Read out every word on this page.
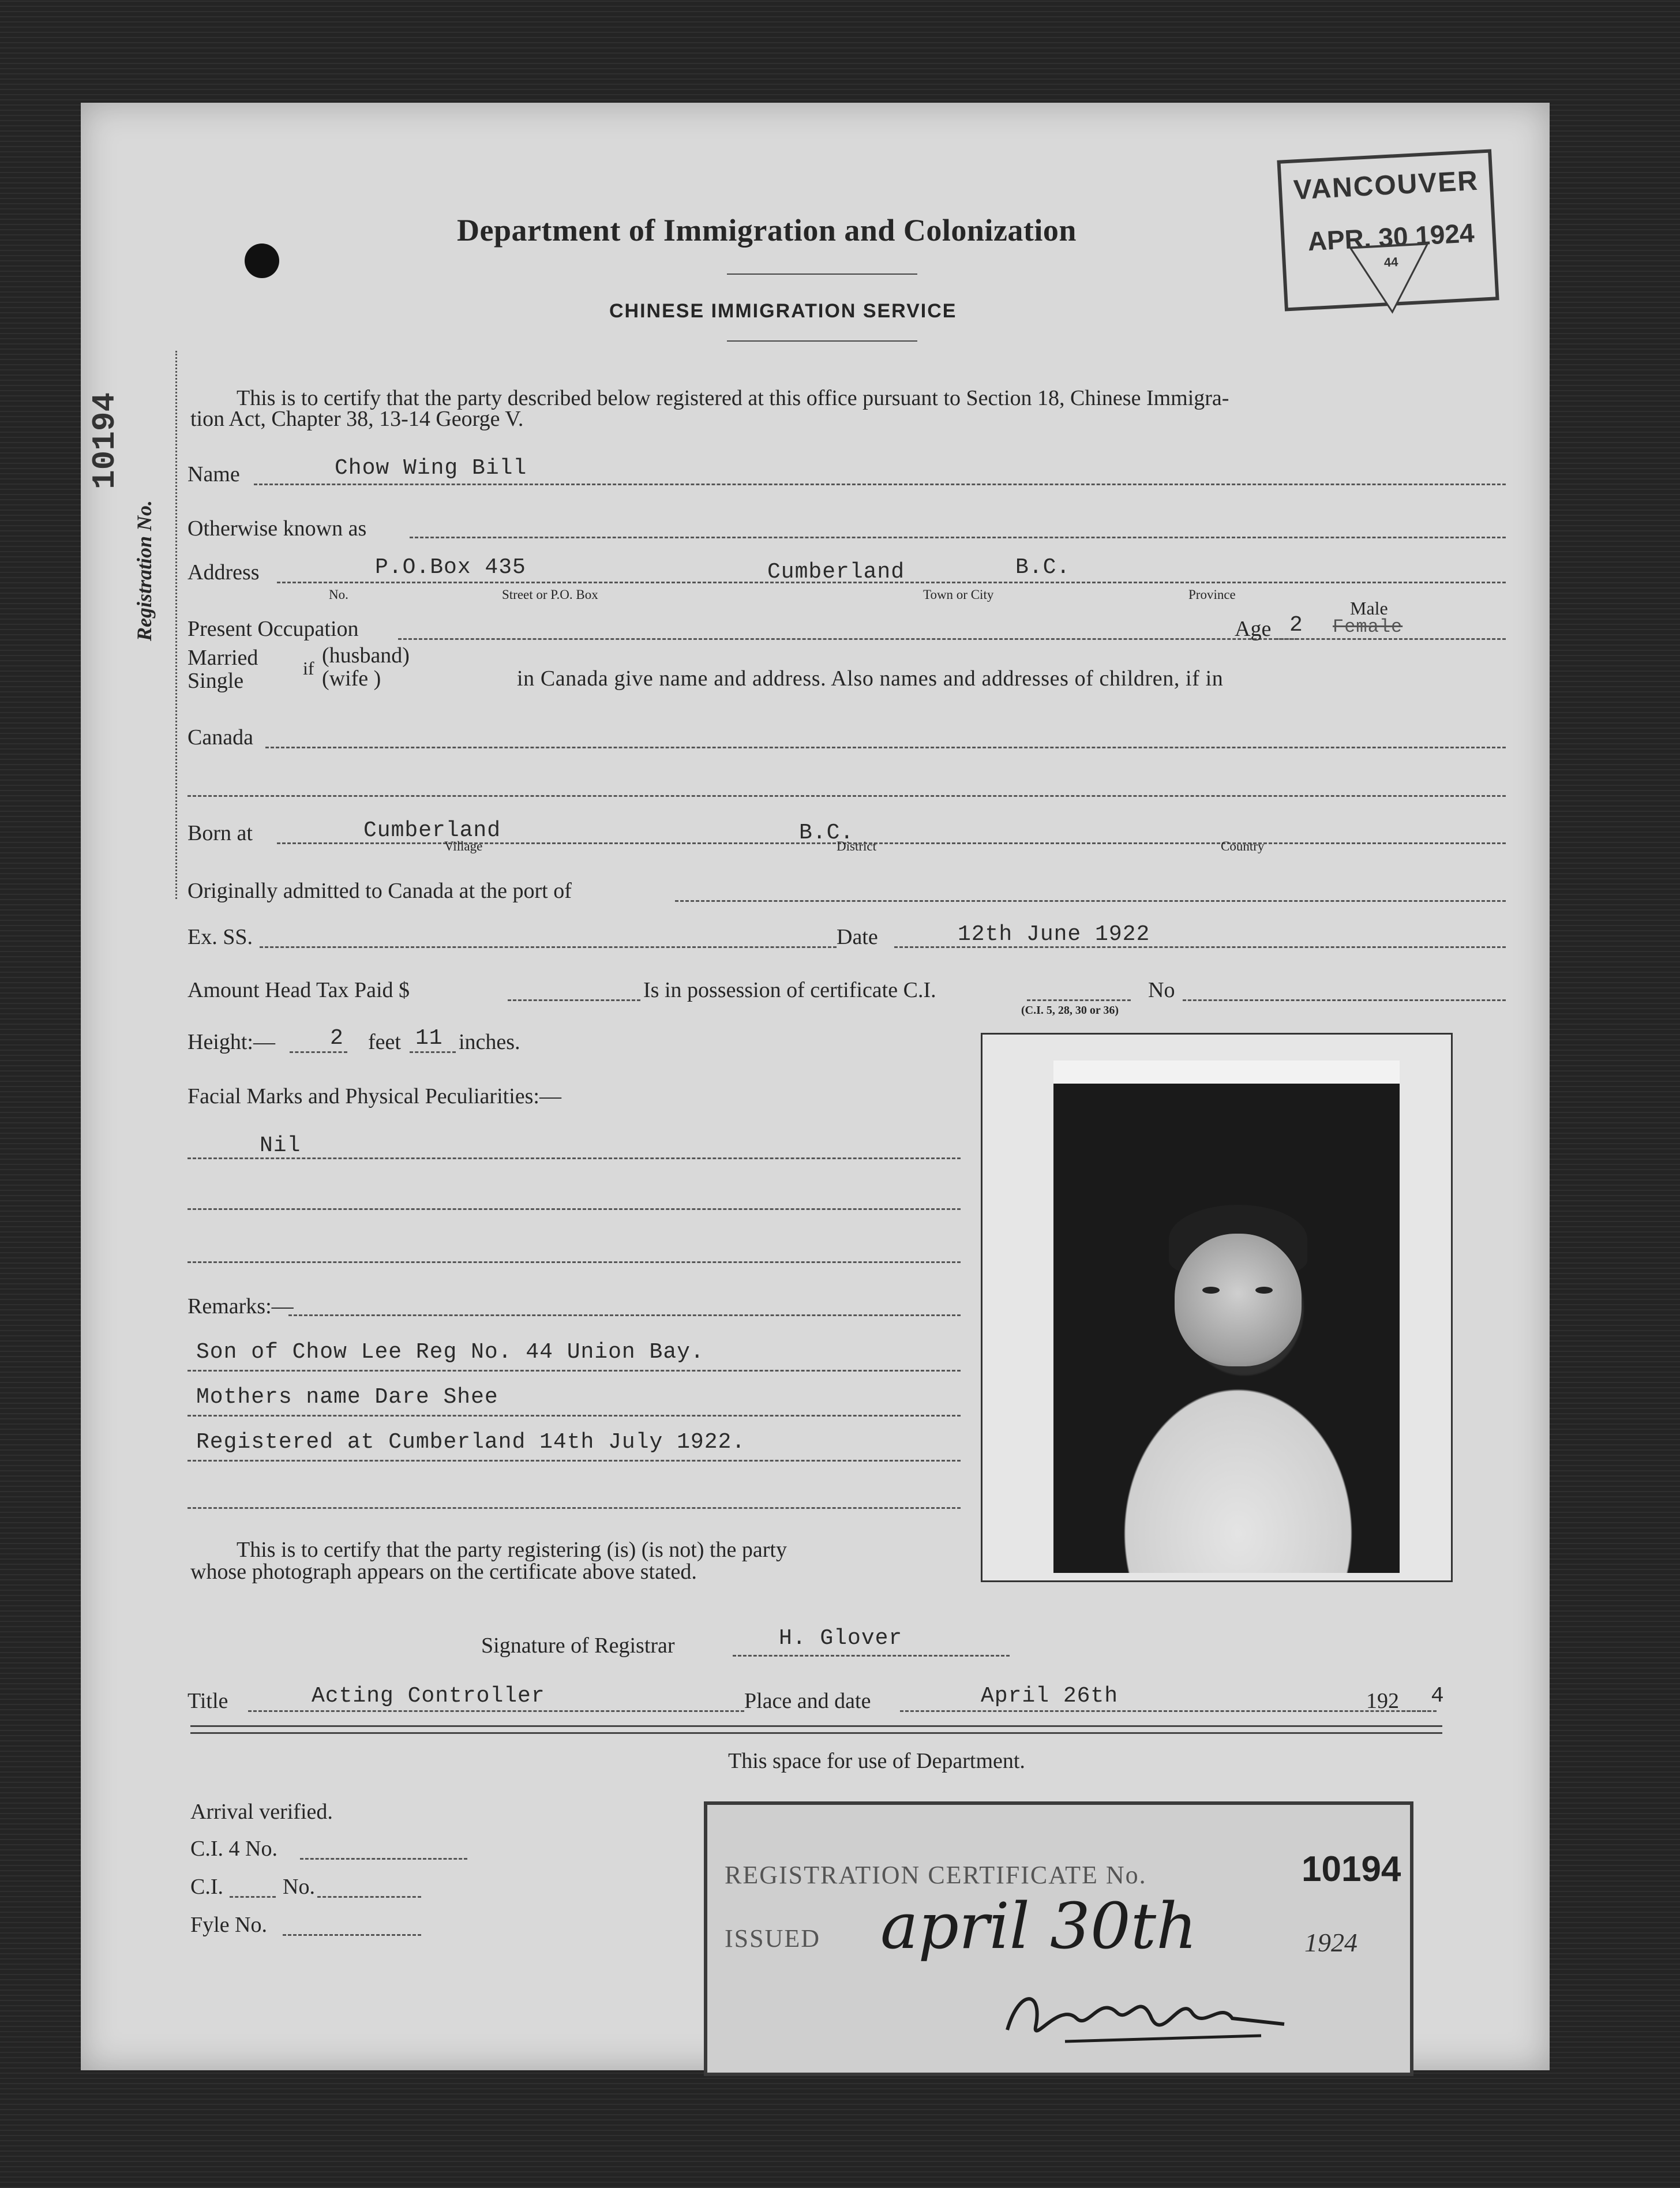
Department of Immigration and Colonization
CHINESE IMMIGRATION SERVICE
VANCOUVER
APR. 30 1924
44
10194
Registration No.
This is to certify that the party described below registered at this office pursuant to Section 18, Chinese Immigra-
tion Act, Chapter 38, 13-14 George V.
Name	Chow Wing Bill
Otherwise known as
Address	P.O.Box 435	Cumberland	B.C.
No.	Street or P.O. Box	Town or City	Province
Present Occupation	Age 2
Male
Female
Married
Single
if
(husband)
(wife )	in Canada give name and address. Also names and addresses of children, if in
Canada
Born at	Cumberland	B.C.
Village	District	Country
Originally admitted to Canada at the port of
Ex. SS.	Date	12th June 1922
Amount Head Tax Paid $	Is in possession of certificate C.I.	No
(C.I. 5, 28, 30 or 36)
Height:—	2 feet 11 inches.
Facial Marks and Physical Peculiarities:—
Nil
Remarks:—
Son of Chow Lee Reg No. 44 Union Bay.
Mothers name Dare Shee
Registered at Cumberland 14th July 1922.
This is to certify that the party registering (is) (is not) the party
whose photograph appears on the certificate above stated.
Signature of Registrar	H. Glover
Title	Acting Controller	Place and date	April 26th	192 4
This space for use of Department.
Arrival verified.
C.I. 4 No.
C.I.	No.
Fyle No.
REGISTRATION CERTIFICATE No.	10194
ISSUED april 30th	1924
